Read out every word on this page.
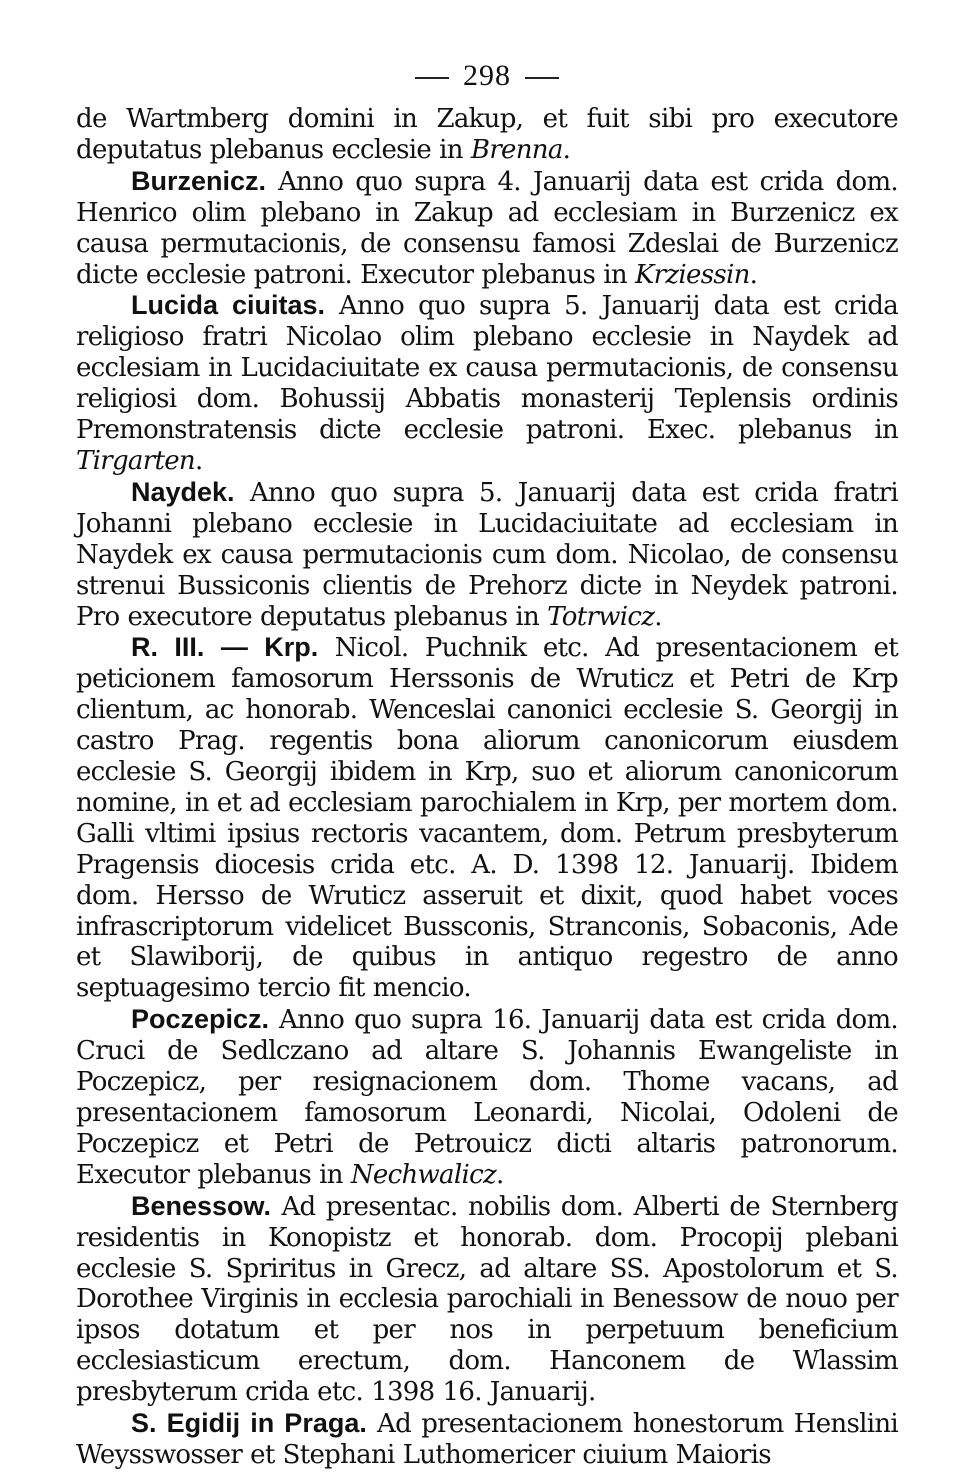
298

de Wartmberg domini in Zakup, et fuit sibi pro executore deputatus plebanus ecclesie in Brenna.

Burzenicz. Anno quo supra 4. Januarij data est crida dom. Henrico olim plebano in Zakup ad ecclesiam in Burzenicz ex causa permutacionis, de consensu famosi Zdeslai de Burzenicz dicte ecclesie patroni. Executor plebanus in Krziessin.

Lucida ciuitas. Anno quo supra 5. Januarij data est crida religioso fratri Nicolao olim plebano ecclesie in Naydek ad ecclesiam in Lucidaciuitate ex causa permutacionis, de consensu religiosi dom. Bohussij Abbatis monasterij Teplensis ordinis Premonstratensis dicte ecclesie patroni. Exec. plebanus in Tirgarten.

Naydek. Anno quo supra 5. Januarij data est crida fratri Johanni plebano ecclesie in Lucidaciuitate ad ecclesiam in Naydek ex causa permutacionis cum dom. Nicolao, de consensu strenui Bussiconis clientis de Prehorz dicte in Neydek patroni. Pro executore deputatus plebanus in Totrwicz.

R. III. — Krp. Nicol. Puchnik etc. Ad presentacionem et peticionem famosorum Herssonis de Wruticz et Petri de Krp clientum, ac honorab. Wenceslai canonici ecclesie S. Georgij in castro Prag. regentis bona aliorum canonicorum eiusdem ecclesie S. Georgij ibidem in Krp, suo et aliorum canonicorum nomine, in et ad ecclesiam parochialem in Krp, per mortem dom. Galli vltimi ipsius rectoris vacantem, dom. Petrum presbyterum Pragensis diocesis crida etc. A. D. 1398 12. Januarij. Ibidem dom. Hersso de Wruticz asseruit et dixit, quod habet voces infrascriptorum videlicet Bussconis, Stranconis, Sobaconis, Ade et Slawiborij, de quibus in antiquo regestro de anno septuagesimo tercio fit mencio.

Poczepicz. Anno quo supra 16. Januarij data est crida dom. Cruci de Sedlczano ad altare S. Johannis Ewangeliste in Poczepicz, per resignacionem dom. Thome vacans, ad presentacionem famosorum Leonardi, Nicolai, Odoleni de Poczepicz et Petri de Petrouicz dicti altaris patronorum. Executor plebanus in Nechwalicz.

Benessow. Ad presentac. nobilis dom. Alberti de Sternberg residentis in Konopistz et honorab. dom. Procopij plebani ecclesie S. Spriritus in Grecz, ad altare SS. Apostolorum et S. Dorothee Virginis in ecclesia parochiali in Benessow de nouo per ipsos dotatum et per nos in perpetuum beneficium ecclesiasticum erectum, dom. Hanconem de Wlassim presbyterum crida etc. 1398 16. Januarij.

S. Egidij in Praga. Ad presentacionem honestorum Henslini Weysswosser et Stephani Luthomericer ciuium Maioris
